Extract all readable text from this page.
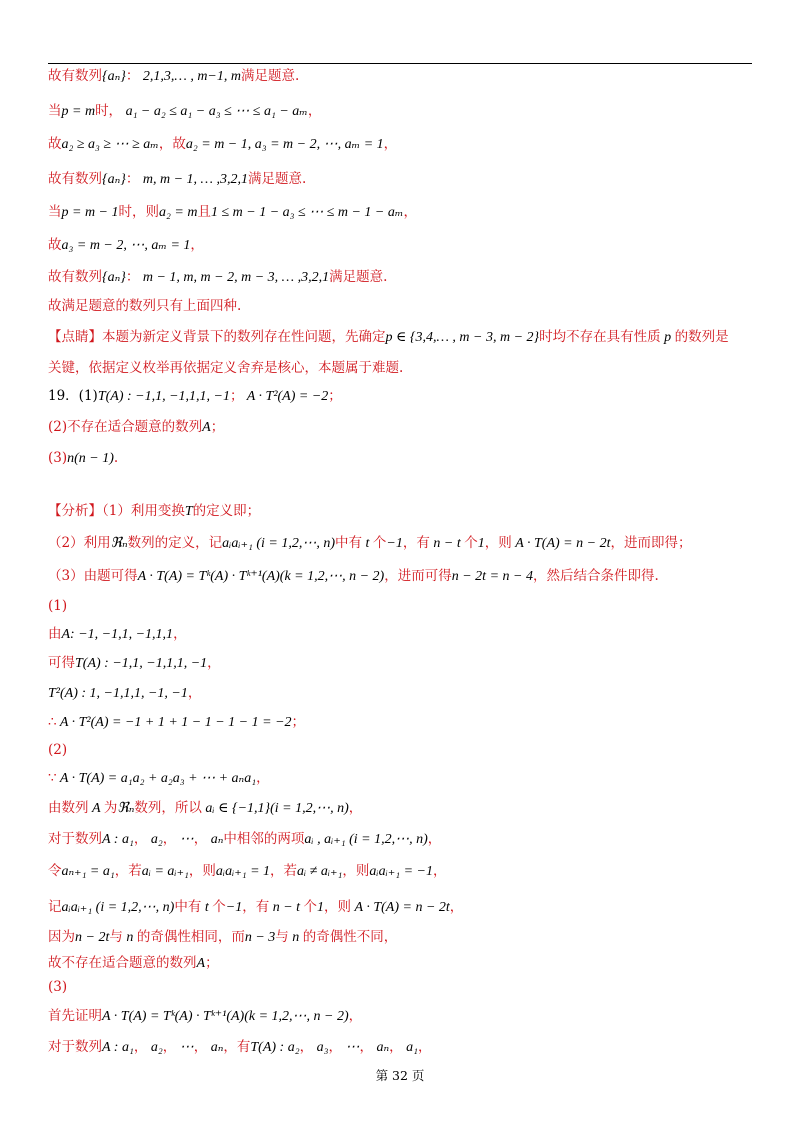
故有数列{aₙ}： 2,1,3,… , m−1, m满足题意.
当p = m时， a₁ − a₂ ≤ a₁ − a₃ ≤ ⋯ ≤ a₁ − aₘ，
故a₂ ≥ a₃ ≥ ⋯ ≥ aₘ，故a₂ = m − 1, a₃ = m − 2, ⋯, aₘ = 1，
故有数列{aₙ}： m, m − 1, … ,3,2,1满足题意.
当p = m − 1时，则a₂ = m且1 ≤ m − 1 − a₃ ≤ ⋯ ≤ m − 1 − aₘ，
故a₃ = m − 2, ⋯, aₘ = 1，
故有数列{aₙ}： m − 1, m, m − 2, m − 3, … ,3,2,1满足题意.
故满足题意的数列只有上面四种.
【点睛】本题为新定义背景下的数列存在性问题，先确定p ∈ {3,4,… , m − 3, m − 2}时均不存在具有性质 p 的数列是
关键，依据定义枚举再依据定义舍弃是核心，本题属于难题.
19．(1)T(A) : −1,1, −1,1,1, −1； A · T²(A) = −2；
(2)不存在适合题意的数列A；
(3)n(n − 1).
【分析】（1）利用变换T的定义即；
（2）利用ℜₙ数列的定义，记aᵢaᵢ₊₁ (i = 1,2,⋯, n)中有 t 个−1，有 n − t 个1，则 A · T(A) = n − 2t，进而即得；
（3）由题可得A · T(A) = Tᵏ(A) · Tᵏ⁺¹(A)(k = 1,2,⋯, n − 2)，进而可得n − 2t = n − 4，然后结合条件即得.
(1)
由A: −1, −1,1, −1,1,1，
可得T(A) : −1,1, −1,1,1, −1，
T²(A) : 1, −1,1,1, −1, −1，
∴ A · T²(A) = −1 + 1 + 1 − 1 − 1 − 1 = −2；
(2)
∵ A · T(A) = a₁a₂ + a₂a₃ + ⋯ + aₙa₁，
由数列 A 为ℜₙ数列，所以 aᵢ ∈ {−1,1}(i = 1,2,⋯, n)，
对于数列A : a₁， a₂， ⋯， aₙ中相邻的两项aᵢ , aᵢ₊₁ (i = 1,2,⋯, n)，
令aₙ₊₁ = a₁，若aᵢ = aᵢ₊₁，则aᵢaᵢ₊₁ = 1，若aᵢ ≠ aᵢ₊₁，则aᵢaᵢ₊₁ = −1，
记aᵢaᵢ₊₁ (i = 1,2,⋯, n)中有 t 个−1，有 n − t 个1，则 A · T(A) = n − 2t，
因为n − 2t与 n 的奇偶性相同，而n − 3与 n 的奇偶性不同，
故不存在适合题意的数列A；
(3)
首先证明A · T(A) = Tᵏ(A) · Tᵏ⁺¹(A)(k = 1,2,⋯, n − 2)，
对于数列A : a₁， a₂， ⋯， aₙ，有T(A) : a₂， a₃， ⋯， aₙ， a₁，
第 32 页
